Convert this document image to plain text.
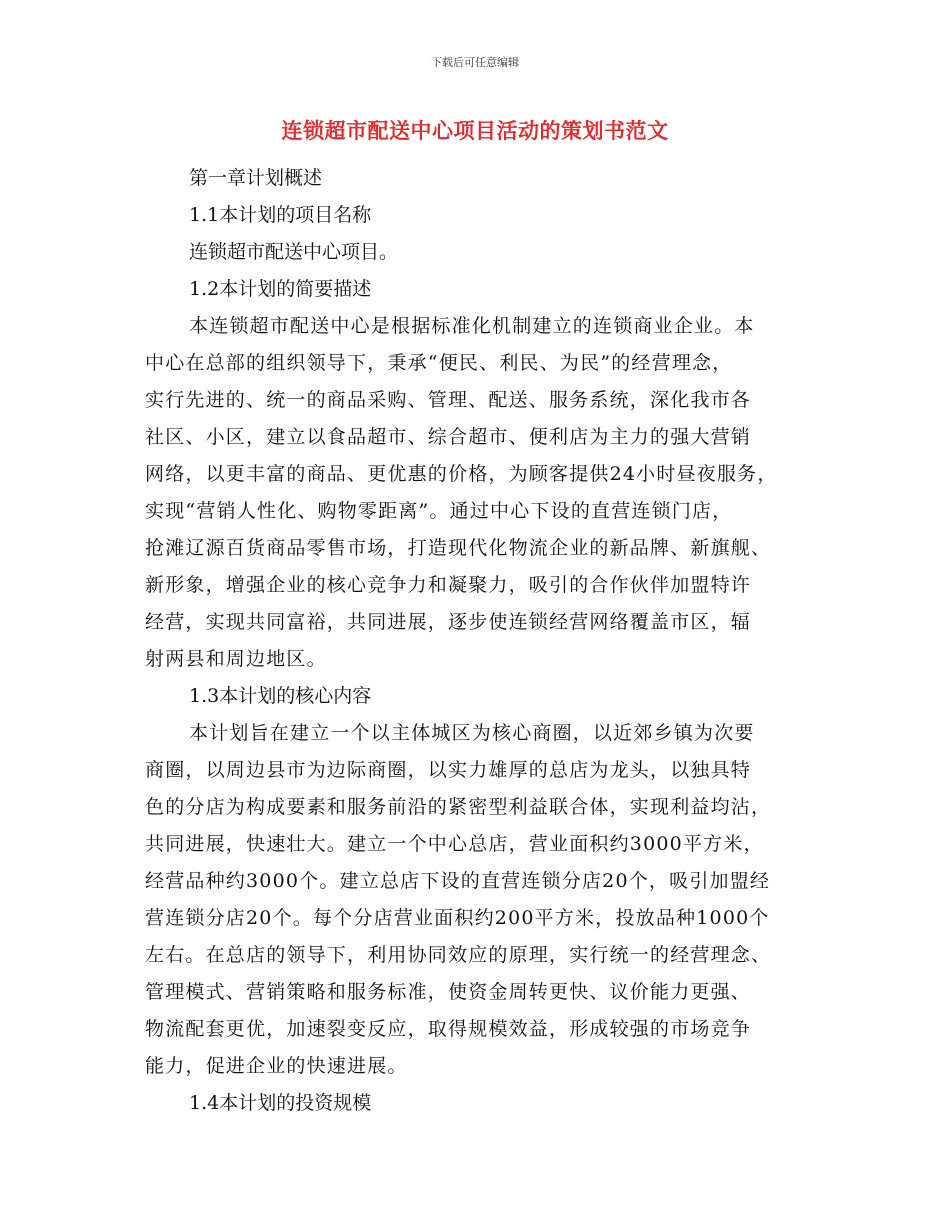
下载后可任意编辑
连锁超市配送中心项目活动的策划书范文
第一章计划概述
1.1本计划的项目名称
连锁超市配送中心项目。
1.2本计划的简要描述
本连锁超市配送中心是根据标准化机制建立的连锁商业企业。本
中心在总部的组织领导下，秉承“便民、利民、为民”的经营理念，
实行先进的、统一的商品采购、管理、配送、服务系统，深化我市各
社区、小区，建立以食品超市、综合超市、便利店为主力的强大营销
网络，以更丰富的商品、更优惠的价格，为顾客提供24小时昼夜服务，
实现“营销人性化、购物零距离”。通过中心下设的直营连锁门店，
抢滩辽源百货商品零售市场，打造现代化物流企业的新品牌、新旗舰、
新形象，增强企业的核心竞争力和凝聚力，吸引的合作伙伴加盟特许
经营，实现共同富裕，共同进展，逐步使连锁经营网络覆盖市区，辐
射两县和周边地区。
1.3本计划的核心内容
本计划旨在建立一个以主体城区为核心商圈，以近郊乡镇为次要
商圈，以周边县市为边际商圈，以实力雄厚的总店为龙头，以独具特
色的分店为构成要素和服务前沿的紧密型利益联合体，实现利益均沾，
共同进展，快速壮大。建立一个中心总店，营业面积约3000平方米，
经营品种约3000个。建立总店下设的直营连锁分店20个，吸引加盟经
营连锁分店20个。每个分店营业面积约200平方米，投放品种1000个
左右。在总店的领导下，利用协同效应的原理，实行统一的经营理念、
管理模式、营销策略和服务标准，使资金周转更快、议价能力更强、
物流配套更优，加速裂变反应，取得规模效益，形成较强的市场竞争
能力，促进企业的快速进展。
1.4本计划的投资规模
